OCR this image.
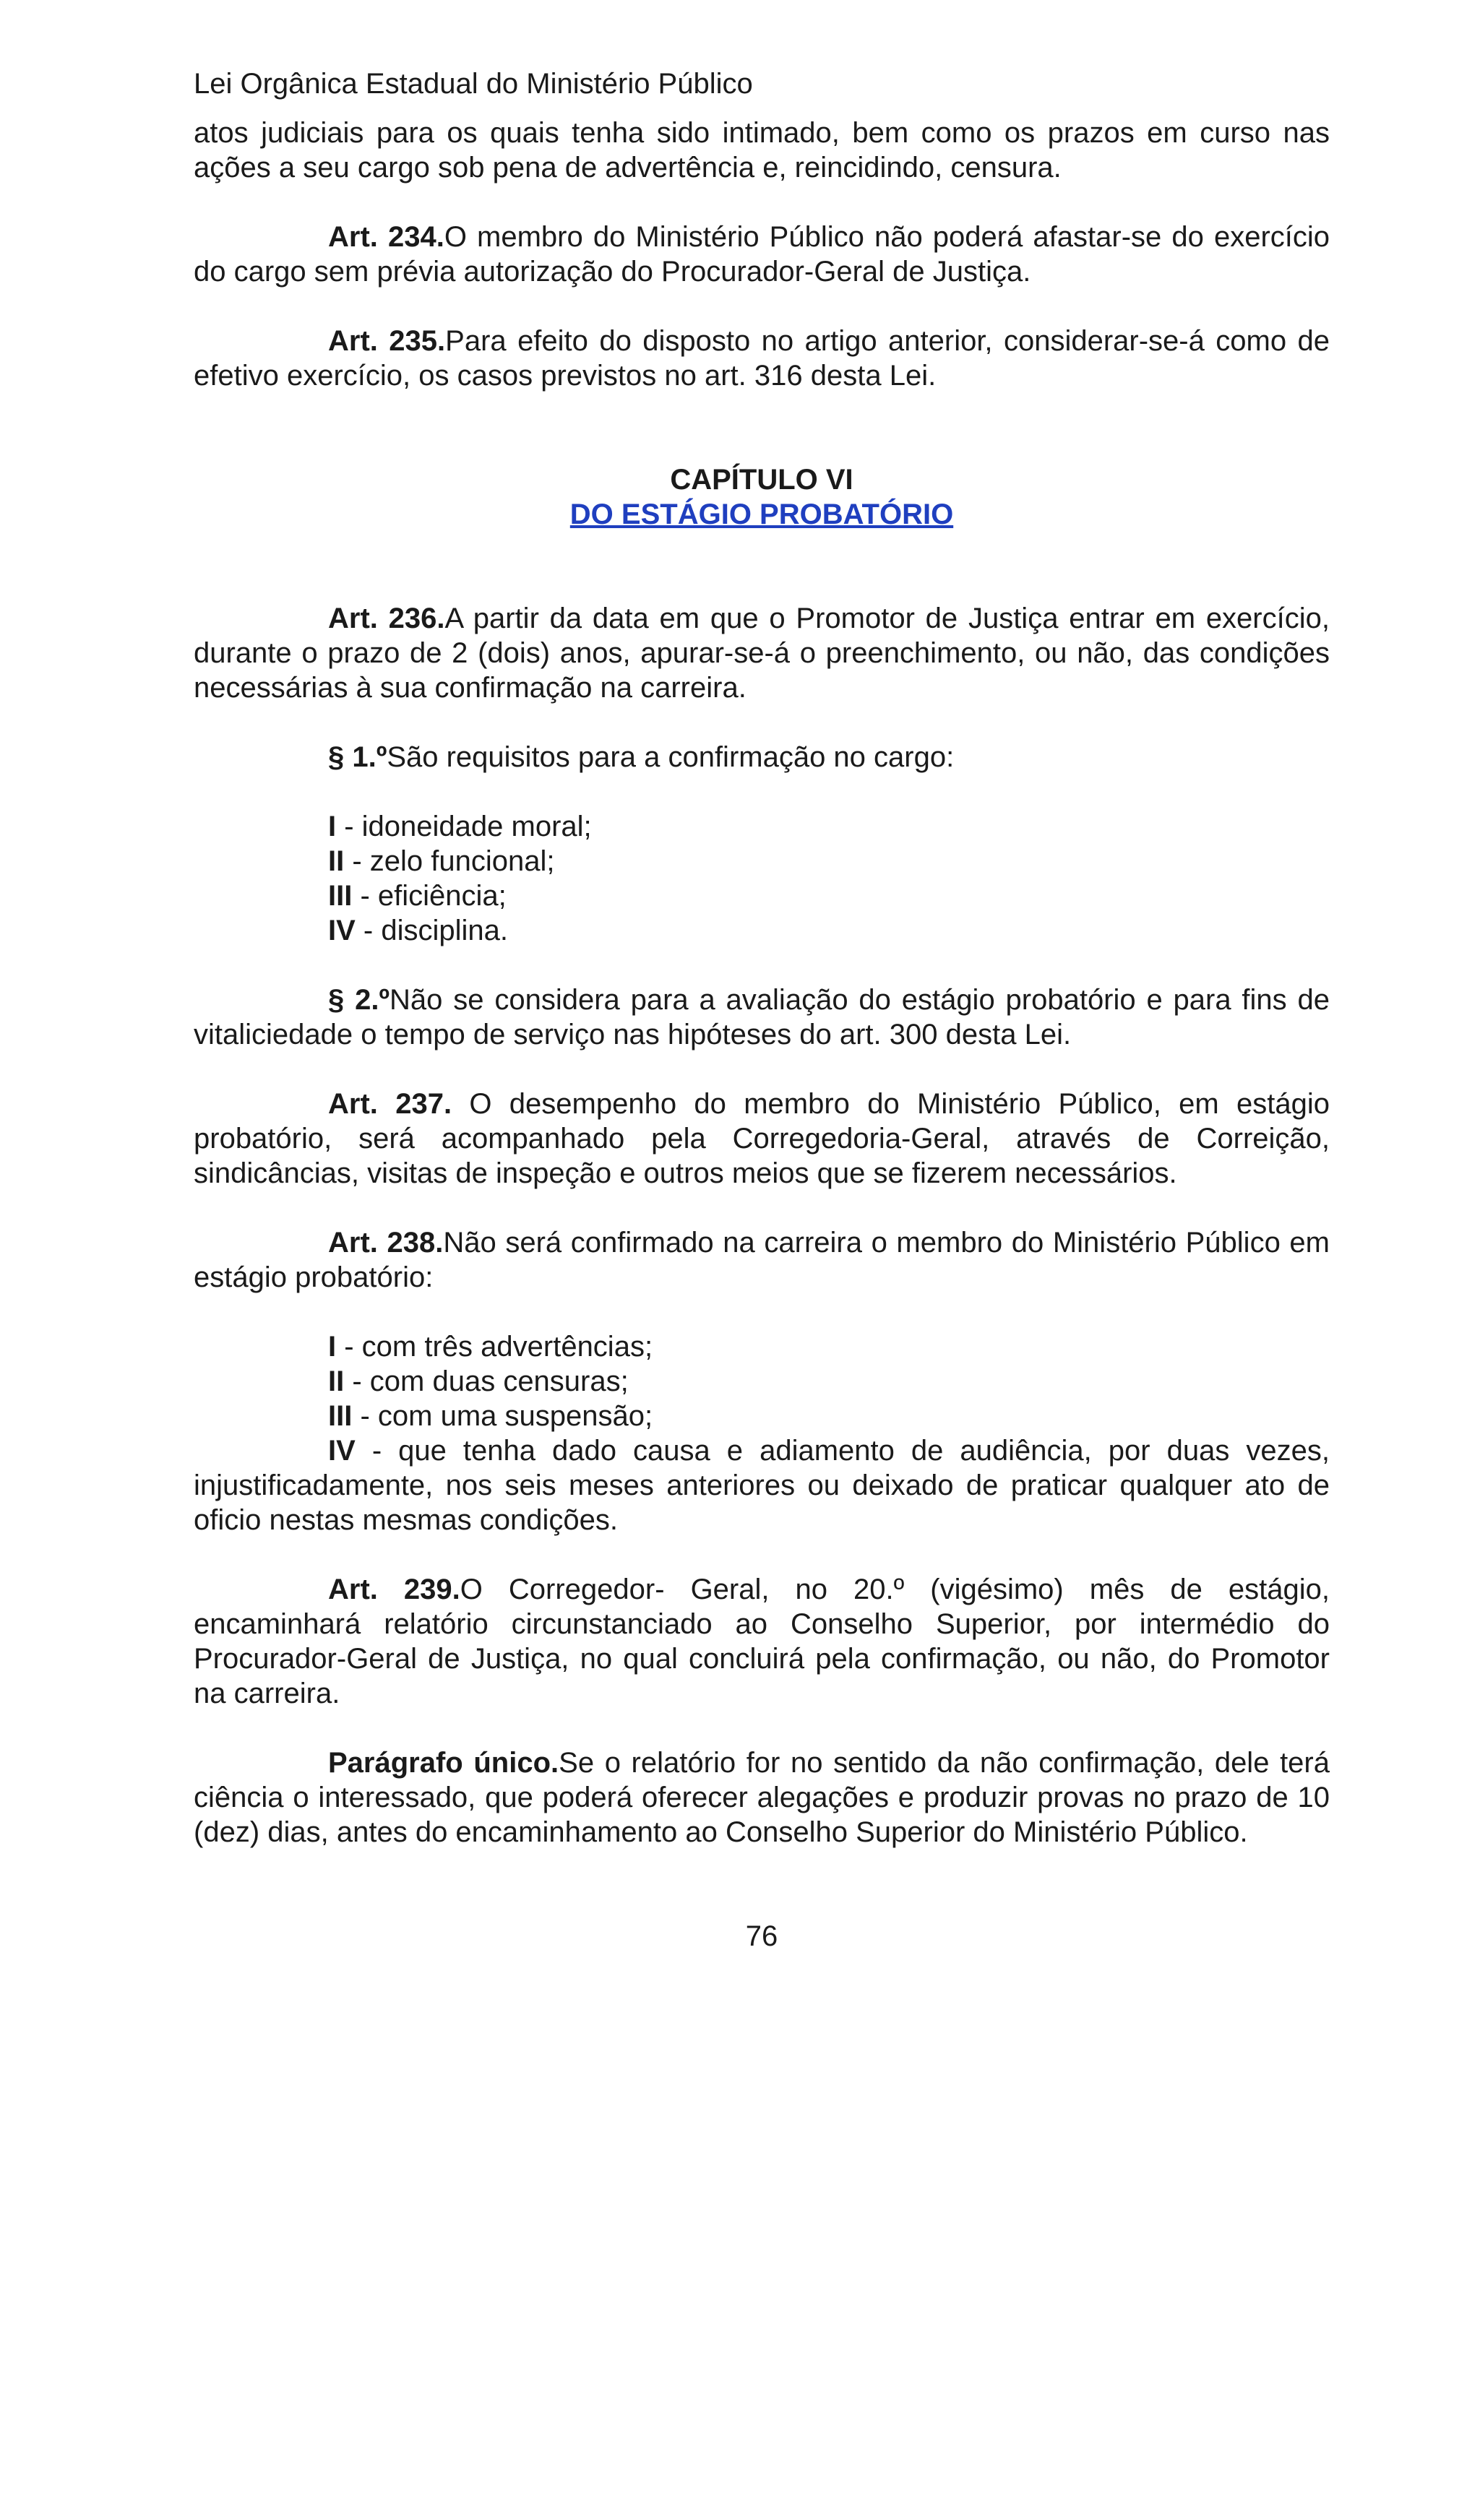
Lei Orgânica Estadual do Ministério Público

atos judiciais para os quais tenha sido intimado, bem como os prazos em curso nas ações a seu cargo sob pena de advertência e, reincidindo, censura.

Art. 234.O membro do Ministério Público não poderá afastar-se do exercício do cargo sem prévia autorização do Procurador-Geral de Justiça.

Art. 235.Para efeito do disposto no artigo anterior, considerar-se-á como de efetivo exercício, os casos previstos no art. 316 desta Lei.

CAPÍTULO VI

DO ESTÁGIO PROBATÓRIO

Art. 236.A partir da data em que o Promotor de Justiça entrar em exercício, durante o prazo de 2 (dois) anos, apurar-se-á o preenchimento, ou não, das condições necessárias à sua confirmação na carreira.

§ 1.ºSão requisitos para a confirmação no cargo:

I - idoneidade moral;
II - zelo funcional;
III - eficiência;
IV - disciplina.

§ 2.ºNão se considera para a avaliação do estágio probatório e para fins de vitaliciedade o tempo de serviço nas hipóteses do art. 300 desta Lei.

Art. 237. O desempenho do membro do Ministério Público, em estágio probatório, será acompanhado pela Corregedoria-Geral, através de Correição, sindicâncias, visitas de inspeção e outros meios que se fizerem necessários.

Art. 238.Não será confirmado na carreira o membro do Ministério Público em estágio probatório:

I - com três advertências;
II - com duas censuras;
III - com uma suspensão;

IV - que tenha dado causa e adiamento de audiência, por duas vezes, injustificadamente, nos seis meses anteriores ou deixado de praticar qualquer ato de oficio nestas mesmas condições.

Art. 239.O Corregedor- Geral, no 20.º (vigésimo) mês de estágio, encaminhará relatório circunstanciado ao Conselho Superior, por intermédio do Procurador-Geral de Justiça, no qual concluirá pela confirmação, ou não, do Promotor na carreira.

Parágrafo único.Se o relatório for no sentido da não confirmação, dele terá ciência o interessado, que poderá oferecer alegações e produzir provas no prazo de 10 (dez) dias, antes do encaminhamento ao Conselho Superior do Ministério Público.

76
